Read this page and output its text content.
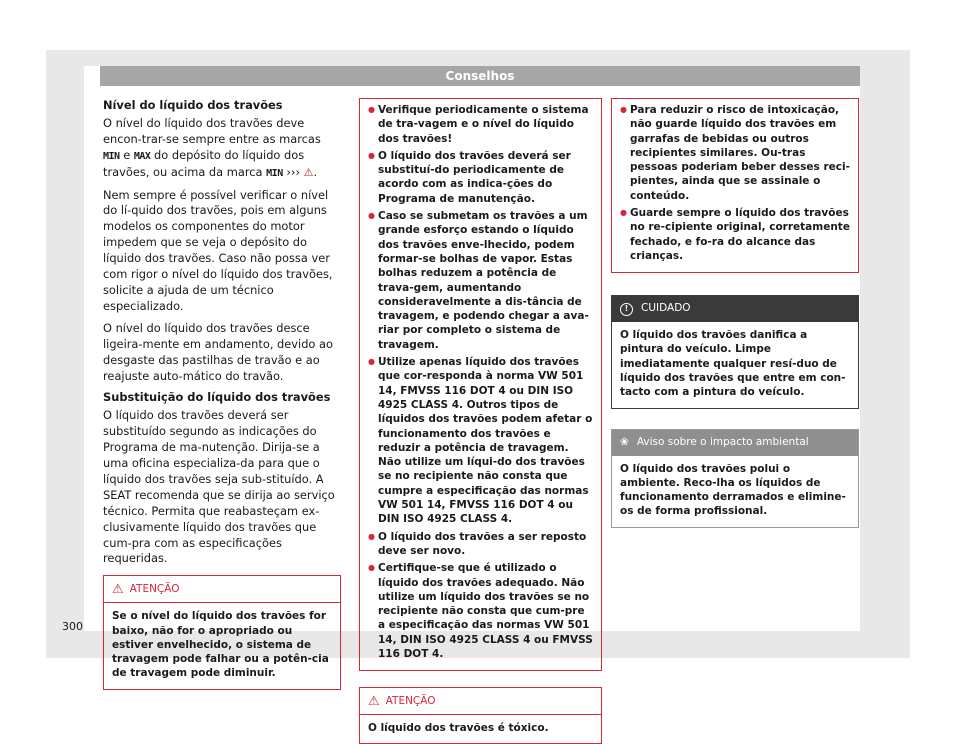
Conselhos
Nível do líquido dos travões

O nível do líquido dos travões deve encon-trar-se sempre entre as marcas MIN e MAX do depósito do líquido dos travões, ou acima da marca MIN ››› ⚠.

Nem sempre é possível verificar o nível do lí-quido dos travões, pois em alguns modelos os componentes do motor impedem que se veja o depósito do líquido dos travões. Caso não possa ver com rigor o nível do líquido dos travões, solicite a ajuda de um técnico especializado.

O nível do líquido dos travões desce ligeira-mente em andamento, devido ao desgaste das pastilhas de travão e ao reajuste auto-mático do travão.

Substituição do líquido dos travões

O líquido dos travões deverá ser substituído segundo as indicações do Programa de ma-nutenção. Dirija-se a uma oficina especializa-da para que o líquido dos travões seja sub-stituído. A SEAT recomenda que se dirija ao serviço técnico. Permita que reabasteçam ex-clusivamente líquido dos travões que cum-pra com as especificações requeridas.

⚠ ATENÇÃO
Se o nível do líquido dos travões for baixo, não for o apropriado ou estiver envelhecido, o sistema de travagem pode falhar ou a potên-cia de travagem pode diminuir.
● Verifique periodicamente o sistema de tra-vagem e o nível do líquido dos travões!
● O líquido dos travões deverá ser substituí-do periodicamente de acordo com as indica-ções do Programa de manutenção.
● Caso se submetam os travões a um grande esforço estando o líquido dos travões enve-lhecido, podem formar-se bolhas de vapor. Estas bolhas reduzem a potência de trava-gem, aumentando consideravelmente a dis-tância de travagem, e podendo chegar a ava-riar por completo o sistema de travagem.
● Utilize apenas líquido dos travões que cor-responda à norma VW 501 14, FMVSS 116 DOT 4 ou DIN ISO 4925 CLASS 4. Outros tipos de líquidos dos travões podem afetar o funcionamento dos travões e reduzir a potência de travagem. Não utilize um líqui-do dos travões se no recipiente não consta que cumpre a especificação das normas VW 501 14, FMVSS 116 DOT 4 ou DIN ISO 4925 CLASS 4.
● O líquido dos travões a ser reposto deve ser novo.
● Certifique-se que é utilizado o líquido dos travões adequado. Não utilize um líquido dos travões se no recipiente não consta que cum-pre a especificação das normas VW 501 14, DIN ISO 4925 CLASS 4 ou FMVSS 116 DOT 4.
⚠ ATENÇÃO
O líquido dos travões é tóxico.
● Para reduzir o risco de intoxicação, não guarde líquido dos travões em garrafas de bebidas ou outros recipientes similares. Ou-tras pessoas poderiam beber desses reci-pientes, ainda que se assinale o conteúdo.
● Guarde sempre o líquido dos travões no re-cipiente original, corretamente fechado, e fo-ra do alcance das crianças.
!	CUIDADO
O líquido dos travões danifica a pintura do veículo. Limpe imediatamente qualquer resí-duo de líquido dos travões que entre em con-tacto com a pintura do veículo.
❀ Aviso sobre o impacto ambiental
O líquido dos travões polui o ambiente. Reco-lha os líquidos de funcionamento derramados e elimine-os de forma profissional.
300
